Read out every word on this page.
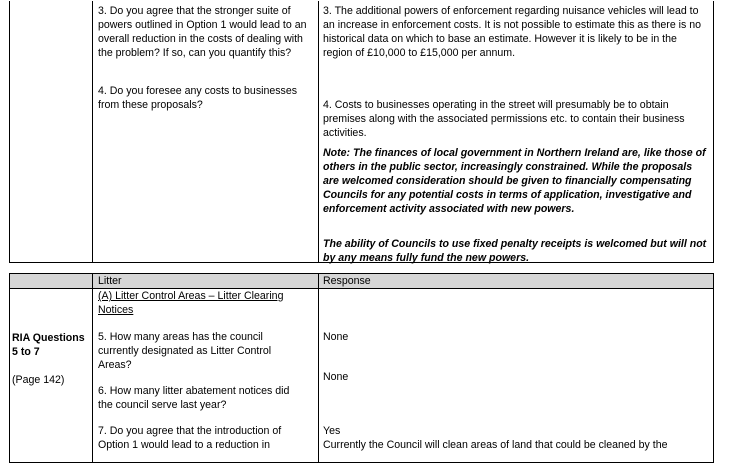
3. Do you agree that the stronger suite of powers outlined in Option 1 would lead to an overall reduction in the costs of dealing with the problem? If so, can you quantify this?

4. Do you foresee any costs to businesses from these proposals?

3. The additional powers of enforcement regarding nuisance vehicles will lead to an increase in enforcement costs. It is not possible to estimate this as there is no historical data on which to base an estimate. However it is likely to be in the region of £10,000 to £15,000 per annum.

4. Costs to businesses operating in the street will presumably be to obtain premises along with the associated permissions etc. to contain their business activities.

Note: The finances of local government in Northern Ireland are, like those of others in the public sector, increasingly constrained. While the proposals are welcomed consideration should be given to financially compensating Councils for any potential costs in terms of application, investigative and enforcement activity associated with new powers.

The ability of Councils to use fixed penalty receipts is welcomed but will not by any means fully fund the new powers.

Litter	Response

RIA Questions 5 to 7

(Page 142)

(A) Litter Control Areas – Litter Clearing Notices

5. How many areas has the council currently designated as Litter Control Areas?

6. How many litter abatement notices did the council serve last year?

7. Do you agree that the introduction of Option 1 would lead to a reduction in

None

None

Yes

Currently the Council will clean areas of land that could be cleaned by the
